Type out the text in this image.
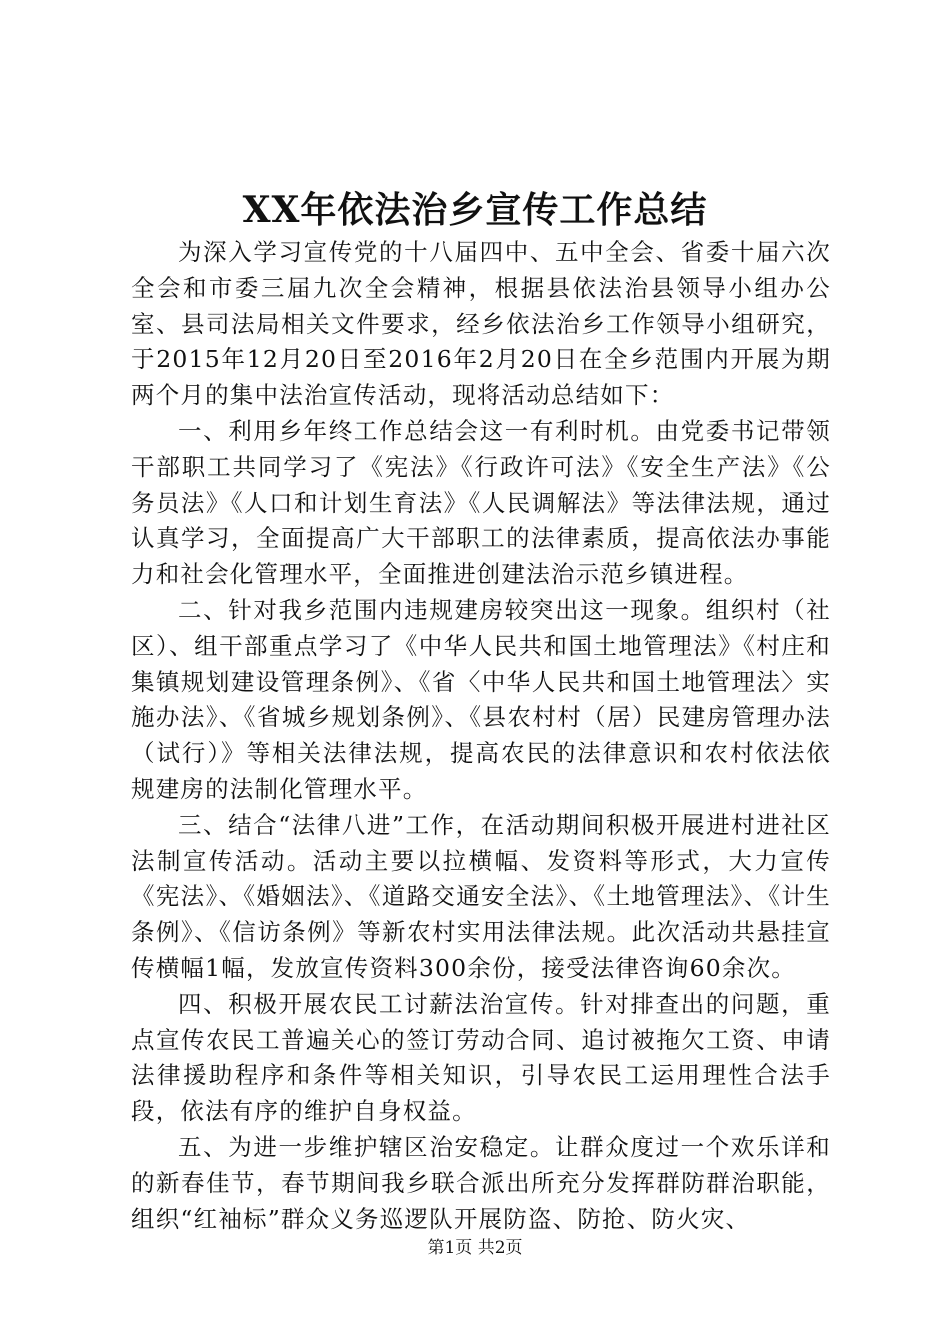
XX年依法治乡宣传工作总结

为深入学习宣传党的十八届四中、五中全会、省委十届六次全会和市委三届九次全会精神，根据县依法治县领导小组办公室、县司法局相关文件要求，经乡依法治乡工作领导小组研究，于2015年12月20日至2016年2月20日在全乡范围内开展为期两个月的集中法治宣传活动，现将活动总结如下：

一、利用乡年终工作总结会这一有利时机。由党委书记带领干部职工共同学习了《宪法》《行政许可法》《安全生产法》《公务员法》《人口和计划生育法》《人民调解法》等法律法规，通过认真学习，全面提高广大干部职工的法律素质，提高依法办事能力和社会化管理水平，全面推进创建法治示范乡镇进程。

二、针对我乡范围内违规建房较突出这一现象。组织村（社区）、组干部重点学习了《中华人民共和国土地管理法》《村庄和集镇规划建设管理条例》、《省〈中华人民共和国土地管理法〉实施办法》、《省城乡规划条例》、《县农村村（居）民建房管理办法（试行）》等相关法律法规，提高农民的法律意识和农村依法依规建房的法制化管理水平。

三、结合“法律八进”工作，在活动期间积极开展进村进社区法制宣传活动。活动主要以拉横幅、发资料等形式，大力宣传《宪法》、《婚姻法》、《道路交通安全法》、《土地管理法》、《计生条例》、《信访条例》等新农村实用法律法规。此次活动共悬挂宣传横幅1幅，发放宣传资料300余份，接受法律咨询60余次。

四、积极开展农民工讨薪法治宣传。针对排查出的问题，重点宣传农民工普遍关心的签订劳动合同、追讨被拖欠工资、申请法律援助程序和条件等相关知识，引导农民工运用理性合法手段，依法有序的维护自身权益。

五、为进一步维护辖区治安稳定。让群众度过一个欢乐详和的新春佳节，春节期间我乡联合派出所充分发挥群防群治职能，组织“红袖标”群众义务巡逻队开展防盗、防抢、防火灾、

第1页 共2页
